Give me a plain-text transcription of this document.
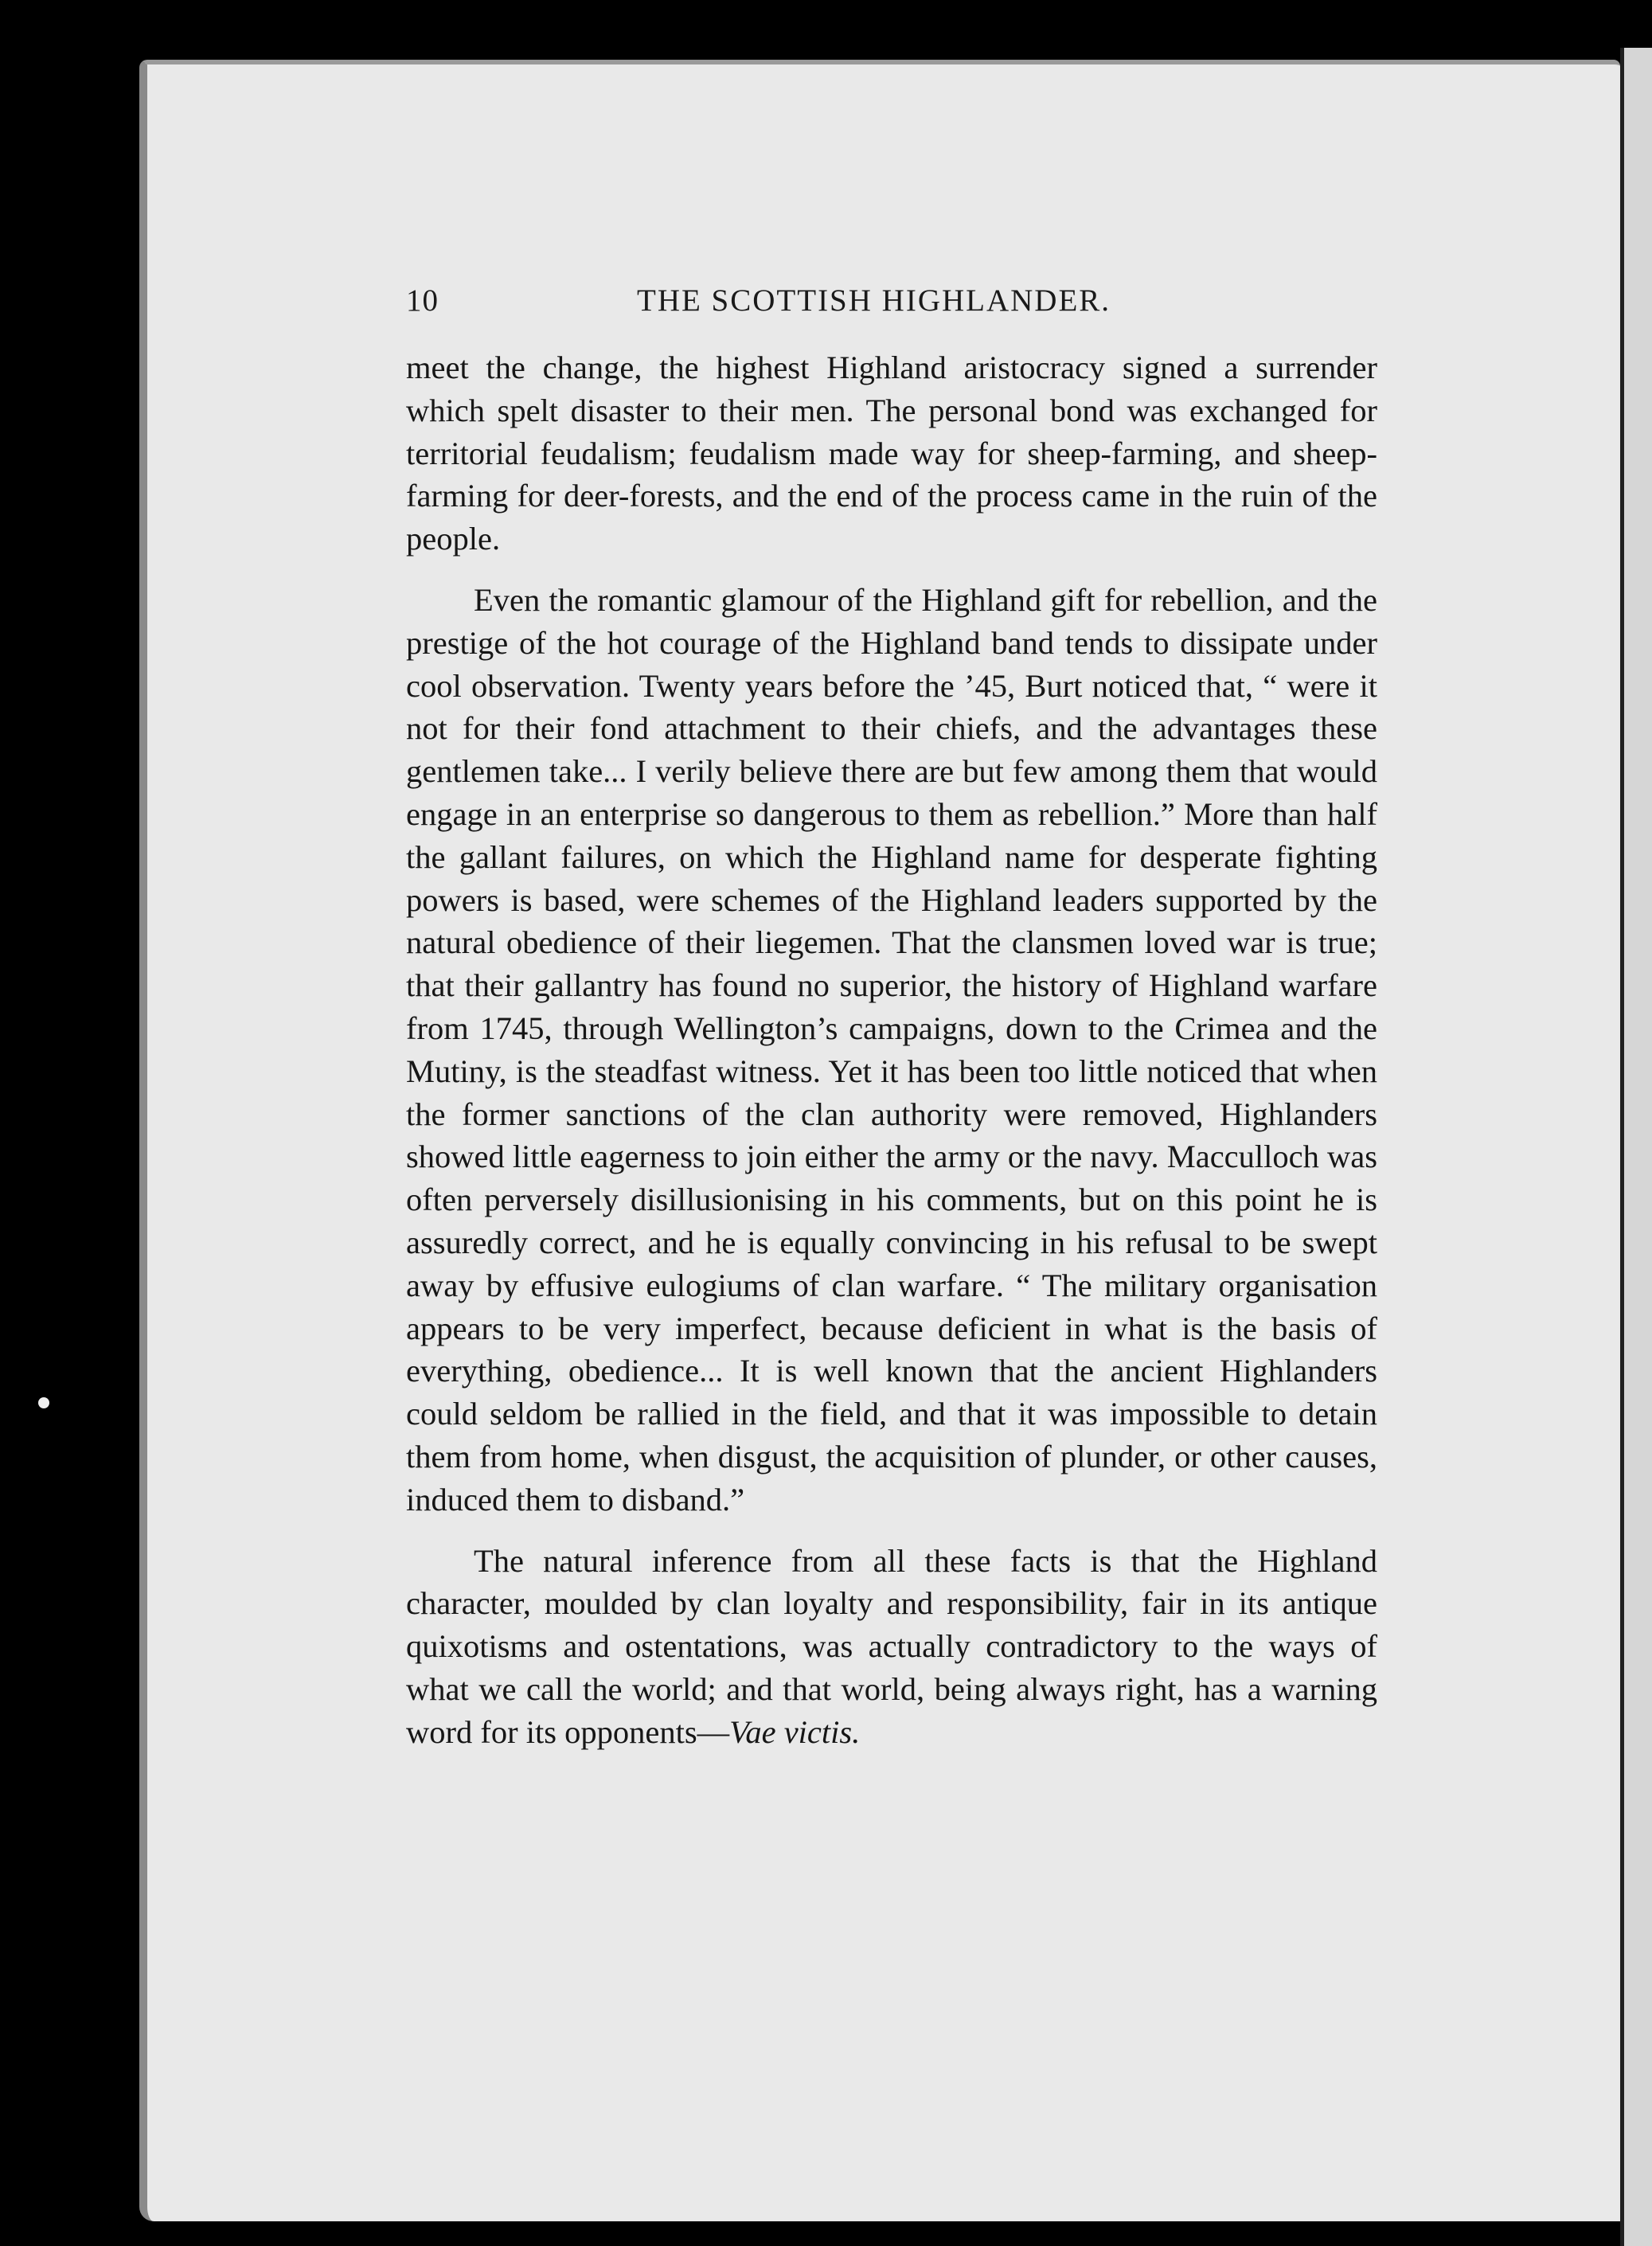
10	THE SCOTTISH HIGHLANDER.

meet the change, the highest Highland aristocracy signed a surrender which spelt disaster to their men. The personal bond was exchanged for territorial feudalism; feudalism made way for sheep-farming, and sheep-farming for deer-forests, and the end of the process came in the ruin of the people.

Even the romantic glamour of the Highland gift for rebellion, and the prestige of the hot courage of the Highland band tends to dissipate under cool observation. Twenty years before the ’45, Burt noticed that, “ were it not for their fond attachment to their chiefs, and the advantages these gentlemen take... I verily believe there are but few among them that would engage in an enterprise so dangerous to them as rebellion.” More than half the gallant failures, on which the Highland name for desperate fighting powers is based, were schemes of the Highland leaders supported by the natural obedience of their liegemen. That the clansmen loved war is true; that their gallantry has found no superior, the history of Highland warfare from 1745, through Wellington’s campaigns, down to the Crimea and the Mutiny, is the steadfast witness. Yet it has been too little noticed that when the former sanctions of the clan authority were removed, Highlanders showed little eagerness to join either the army or the navy. Macculloch was often perversely disillusionising in his comments, but on this point he is assuredly correct, and he is equally convincing in his refusal to be swept away by effusive eulogiums of clan warfare. “ The military organisation appears to be very imperfect, because deficient in what is the basis of everything, obedience... It is well known that the ancient Highlanders could seldom be rallied in the field, and that it was impossible to detain them from home, when disgust, the acquisition of plunder, or other causes, induced them to disband.”

The natural inference from all these facts is that the Highland character, moulded by clan loyalty and responsibility, fair in its antique quixotisms and ostentations, was actually contradictory to the ways of what we call the world; and that world, being always right, has a warning word for its opponents—Vae victis.
